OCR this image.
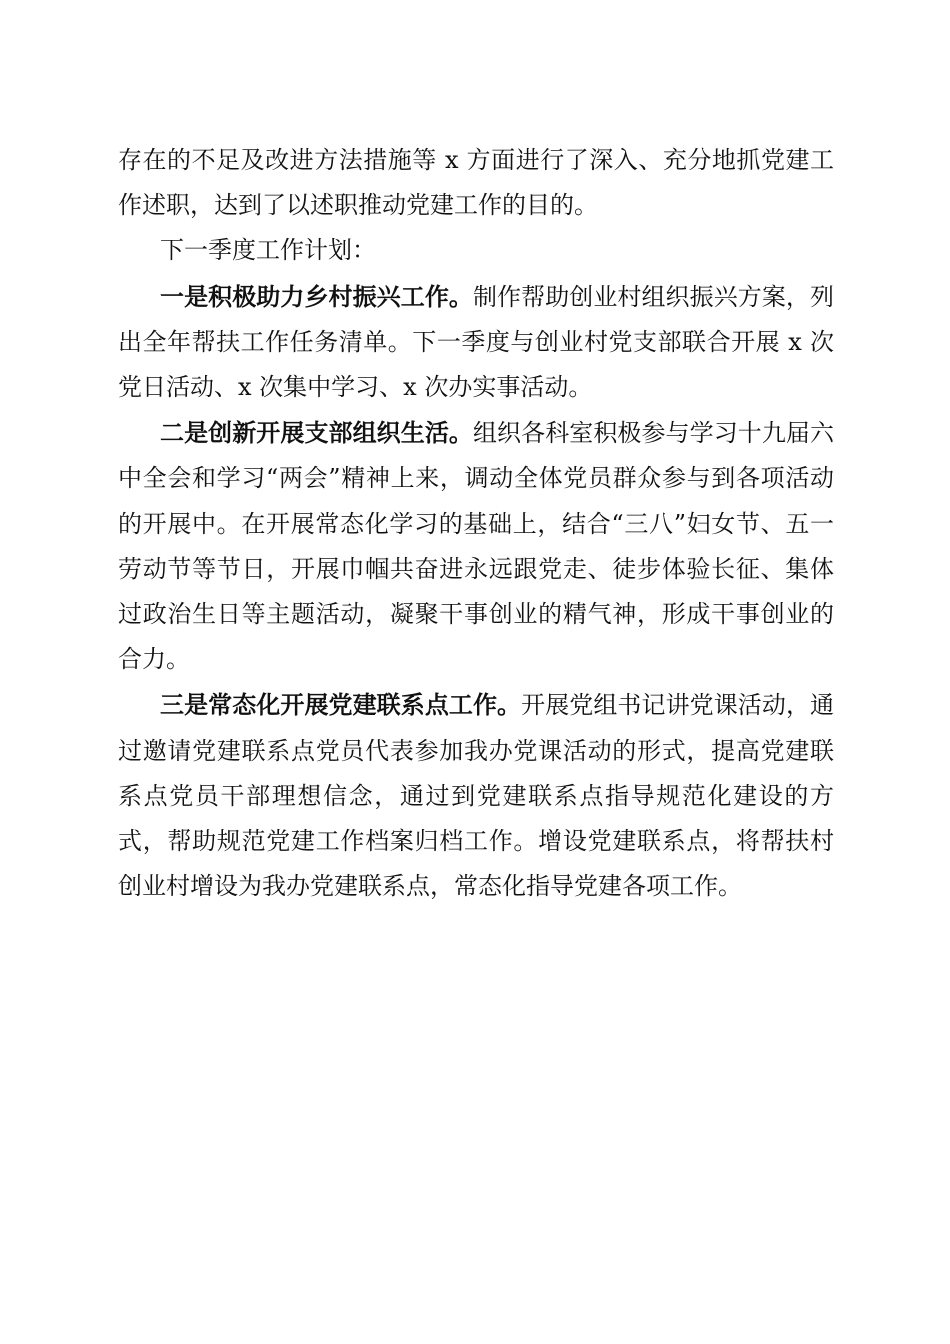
存在的不足及改进方法措施等 x 方面进行了深入、充分地抓党建工作述职，达到了以述职推动党建工作的目的。

下一季度工作计划：

一是积极助力乡村振兴工作。制作帮助创业村组织振兴方案，列出全年帮扶工作任务清单。下一季度与创业村党支部联合开展 x 次党日活动、x 次集中学习、x 次办实事活动。

二是创新开展支部组织生活。组织各科室积极参与学习十九届六中全会和学习“两会”精神上来，调动全体党员群众参与到各项活动的开展中。在开展常态化学习的基础上，结合“三八”妇女节、五一劳动节等节日，开展巾帼共奋进永远跟党走、徒步体验长征、集体过政治生日等主题活动，凝聚干事创业的精气神，形成干事创业的合力。

三是常态化开展党建联系点工作。开展党组书记讲党课活动，通过邀请党建联系点党员代表参加我办党课活动的形式，提高党建联系点党员干部理想信念，通过到党建联系点指导规范化建设的方式，帮助规范党建工作档案归档工作。增设党建联系点，将帮扶村创业村增设为我办党建联系点，常态化指导党建各项工作。
